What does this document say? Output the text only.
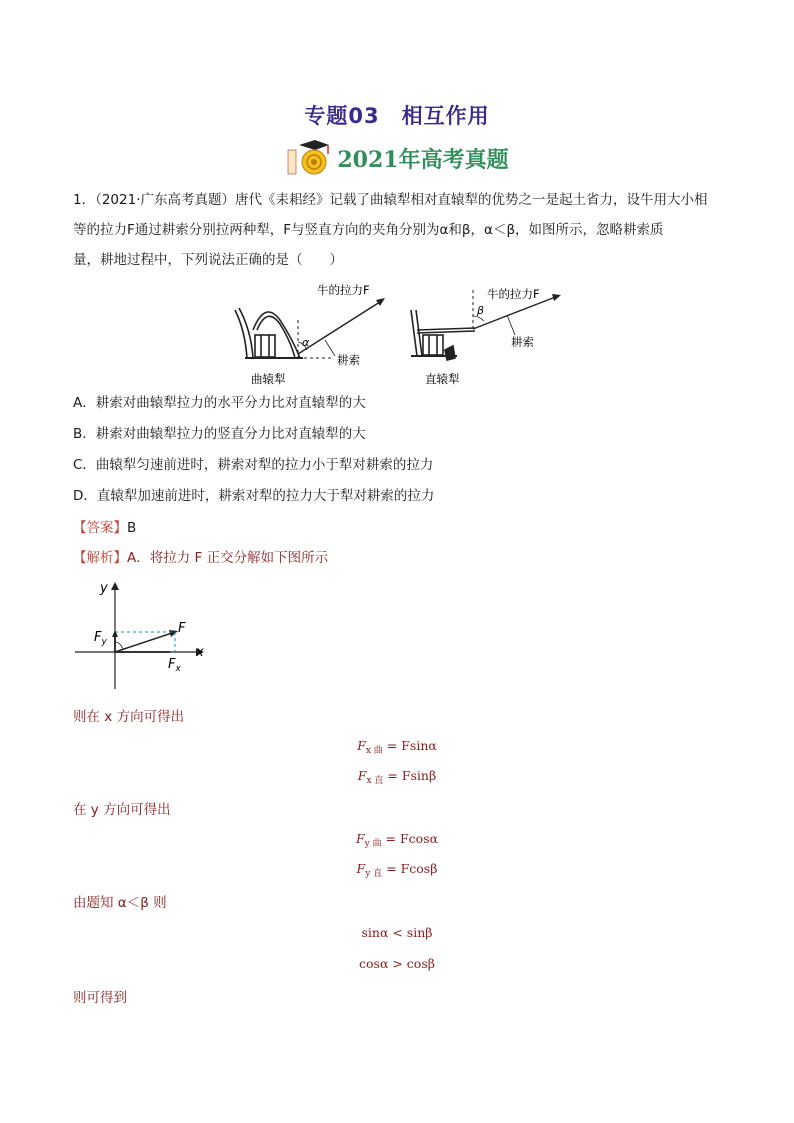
专题03 相互作用
2021年高考真题

1．（2021·广东高考真题）唐代《耒耜经》记载了曲辕犁相对直辕犁的优势之一是起土省力，设牛用大小相

等的拉力F通过耕索分别拉两种犁，F与竖直方向的夹角分别为α和β，α＜β，如图所示，忽略耕索质

量，耕地过程中，下列说法正确的是（　　）

α
牛的拉力F
耕索
曲辕犁
β
牛的拉力F
耕索
直辕犁
A．耕索对曲辕犁拉力的水平分力比对直辕犁的大
B．耕索对曲辕犁拉力的竖直分力比对直辕犁的大
C．曲辕犁匀速前进时，耕索对犁的拉力小于犁对耕索的拉力
D．直辕犁加速前进时，耕索对犁的拉力大于犁对耕索的拉力
【答案】B
【解析】A．将拉力 F 正交分解如下图所示
y
x
F
$F_y$
$F_x$
则在 x 方向可得出
$F_{x 曲} = Fsin\alpha$
$F_{x 直} = Fsin\beta$
在 y 方向可得出
$F_{y 曲} = Fcos\alpha$
$F_{y 直} = Fcos\beta$
由题知 α＜β 则
sinα < sinβ
cosα > cosβ
则可得到
